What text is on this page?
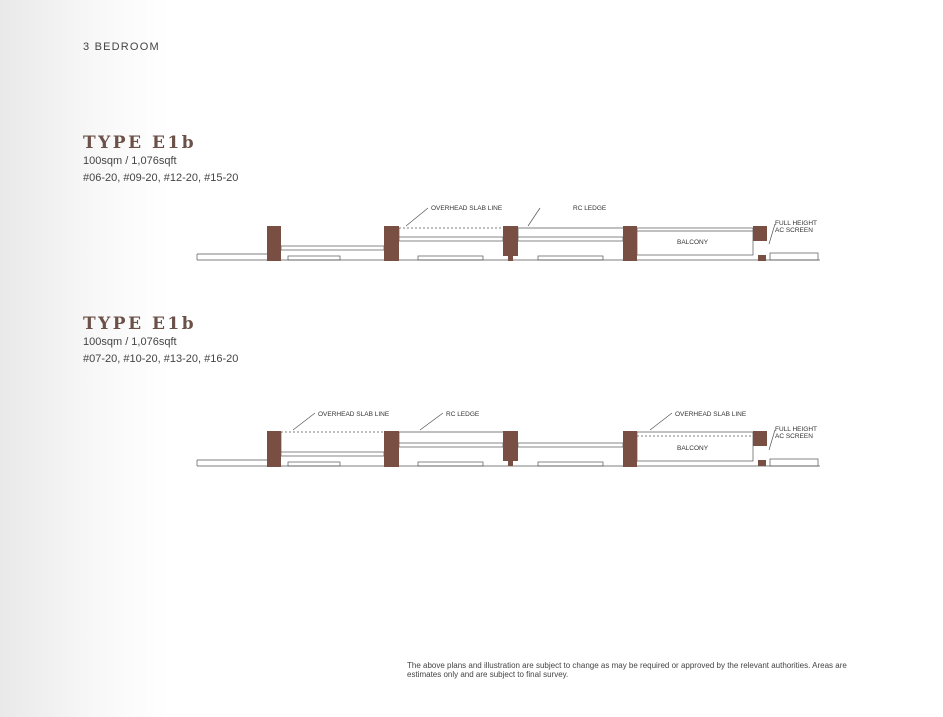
3 BEDROOM
TYPE E1b
100sqm / 1,076sqft
#06-20, #09-20, #12-20, #15-20
TYPE E1b
100sqm / 1,076sqft
#07-20, #10-20, #13-20, #16-20
OVERHEAD SLAB LINE	RC LEDGE
BALCONY
FULL HEIGHT
AC SCREEN
OVERHEAD SLAB LINE	RC LEDGE	OVERHEAD SLAB LINE
BALCONY
FULL HEIGHT
AC SCREEN
The above plans and illustration are subject to change as may be required or approved by the relevant authorities. Areas are estimates only and are subject to final survey.
